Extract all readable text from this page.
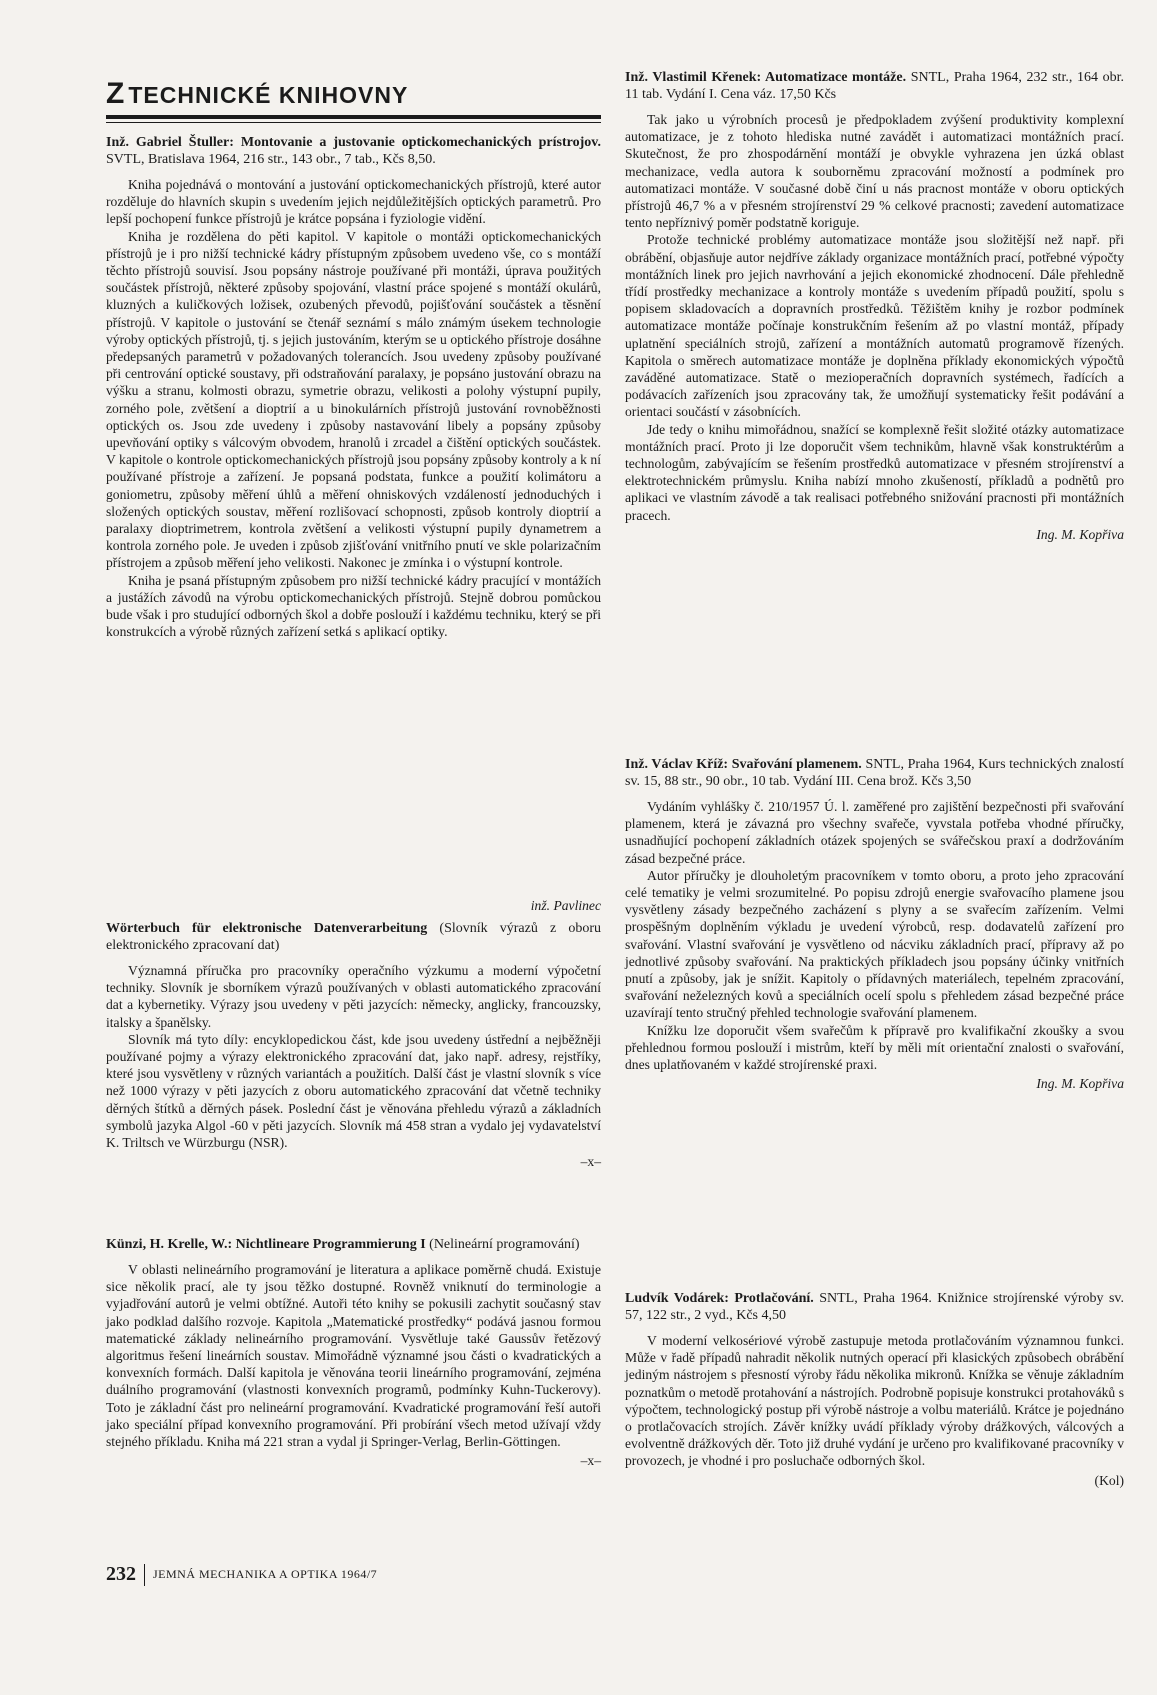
Z TECHNICKÉ KNIHOVNY

Inž. Gabriel Štuller: Montovanie a justovanie optickomechanických prístrojov. SVTL, Bratislava 1964, 216 str., 143 obr., 7 tab., Kčs 8,50.

Kniha pojednává o montování a justování optickomechanických přístrojů, které autor rozděluje do hlavních skupin s uvedením jejich nejdůležitějších optických parametrů. Pro lepší pochopení funkce přístrojů je krátce popsána i fyziologie vidění.

Kniha je rozdělena do pěti kapitol. V kapitole o montáži optickomechanických přístrojů je i pro nižší technické kádry přístupným způsobem uvedeno vše, co s montáží těchto přístrojů souvisí. Jsou popsány nástroje používané při montáži, úprava použitých součástek přístrojů, některé způsoby spojování, vlastní práce spojené s montáží okulárů, kluzných a kuličkových ložisek, ozubených převodů, pojišťování součástek a těsnění přístrojů. V kapitole o justování se čtenář seznámí s málo známým úsekem technologie výroby optických přístrojů, tj. s jejich justováním, kterým se u optického přístroje dosáhne předepsaných parametrů v požadovaných tolerancích. Jsou uvedeny způsoby používané při centrování optické soustavy, při odstraňování paralaxy, je popsáno justování obrazu na výšku a stranu, kolmosti obrazu, symetrie obrazu, velikosti a polohy výstupní pupily, zorného pole, zvětšení a dioptrií a u binokulárních přístrojů justování rovnoběžnosti optických os. Jsou zde uvedeny i způsoby nastavování libely a popsány způsoby upevňování optiky s válcovým obvodem, hranolů i zrcadel a čištění optických součástek. V kapitole o kontrole optickomechanických přístrojů jsou popsány způsoby kontroly a k ní používané přístroje a zařízení. Je popsaná podstata, funkce a použití kolimátoru a goniometru, způsoby měření úhlů a měření ohniskových vzdáleností jednoduchých i složených optických soustav, měření rozlišovací schopnosti, způsob kontroly dioptrií a paralaxy dioptrimetrem, kontrola zvětšení a velikosti výstupní pupily dynametrem a kontrola zorného pole. Je uveden i způsob zjišťování vnitřního pnutí ve skle polarizačním přístrojem a způsob měření jeho velikosti. Nakonec je zmínka i o výstupní kontrole.

Kniha je psaná přístupným způsobem pro nižší technické kádry pracující v montážích a justážích závodů na výrobu optickomechanických přístrojů. Stejně dobrou pomůckou bude však i pro studující odborných škol a dobře poslouží i každému techniku, který se při konstrukcích a výrobě různých zařízení setká s aplikací optiky.

Wörterbuch für elektronische Datenverarbeitung (Slovník výrazů z oboru elektronického zpracovaní dat)

Významná příručka pro pracovníky operačního výzkumu a moderní výpočetní techniky. Slovník je sborníkem výrazů používaných v oblasti automatického zpracování dat a kybernetiky. Výrazy jsou uvedeny v pěti jazycích: německy, anglicky, francouzsky, italsky a španělsky.

Slovník má tyto díly: encyklopedickou část, kde jsou uvedeny ústřední a nejběžněji používané pojmy a výrazy elektronického zpracování dat, jako např. adresy, rejstříky, které jsou vysvětleny v různých variantách a použitích. Další část je vlastní slovník s více než 1000 výrazy v pěti jazycích z oboru automatického zpracování dat včetně techniky děrných štítků a děrných pásek. Poslední část je věnována přehledu výrazů a základních symbolů jazyka Algol -60 v pěti jazycích. Slovník má 458 stran a vydalo jej vydavatelství K. Triltsch ve Würzburgu (NSR).

–x–

Künzi, H. Krelle, W.: Nichtlineare Programmierung I (Nelineární programování)

V oblasti nelineárního programování je literatura a aplikace poměrně chudá. Existuje sice několik prací, ale ty jsou těžko dostupné. Rovněž vniknutí do terminologie a vyjadřování autorů je velmi obtížné. Autoři této knihy se pokusili zachytit současný stav jako podklad dalšího rozvoje. Kapitola „Matematické prostředky“ podává jasnou formou matematické základy nelineárního programování. Vysvětluje také Gaussův řetězový algoritmus řešení lineárních soustav. Mimořádně významné jsou části o kvadratických a konvexních formách. Další kapitola je věnována teorii lineárního programování, zejména duálního programování (vlastnosti konvexních programů, podmínky Kuhn-Tuckerovy). Toto je základní část pro nelineární programování. Kvadratické programování řeší autoři jako speciální případ konvexního programování. Při probírání všech metod užívají vždy stejného příkladu. Kniha má 221 stran a vydal ji Springer-Verlag, Berlin-Göttingen.

–x–

inž. Pavlinec

Inž. Vlastimil Křenek: Automatizace montáže. SNTL, Praha 1964, 232 str., 164 obr. 11 tab. Vydání I. Cena váz. 17,50 Kčs

Tak jako u výrobních procesů je předpokladem zvýšení produktivity komplexní automatizace, je z tohoto hlediska nutné zavádět i automatizaci montážních prací. Skutečnost, že pro zhospodárnění montáží je obvykle vyhrazena jen úzká oblast mechanizace, vedla autora k souborněmu zpracování možností a podmínek pro automatizaci montáže. V současné době činí u nás pracnost montáže v oboru optických přístrojů 46,7 % a v přesném strojírenství 29 % celkové pracnosti; zavedení automatizace tento nepříznivý poměr podstatně koriguje.

Protože technické problémy automatizace montáže jsou složitější než např. při obrábění, objasňuje autor nejdříve základy organizace montážních prací, potřebné výpočty montážních linek pro jejich navrhování a jejich ekonomické zhodnocení. Dále přehledně třídí prostředky mechanizace a kontroly montáže s uvedením případů použití, spolu s popisem skladovacích a dopravních prostředků. Těžištěm knihy je rozbor podmínek automatizace montáže počínaje konstrukčním řešením až po vlastní montáž, případy uplatnění speciálních strojů, zařízení a montážních automatů programově řízených. Kapitola o směrech automatizace montáže je doplněna příklady ekonomických výpočtů zaváděné automatizace. Statě o mezioperačních dopravních systémech, řadících a podávacích zařízeních jsou zpracovány tak, že umožňují systematicky řešit podávání a orientaci součástí v zásobnících.

Jde tedy o knihu mimořádnou, snažící se komplexně řešit složité otázky automatizace montážních prací. Proto ji lze doporučit všem technikům, hlavně však konstruktérům a technologům, zabývajícím se řešením prostředků automatizace v přesném strojírenství a elektrotechnickém průmyslu. Kniha nabízí mnoho zkušeností, příkladů a podnětů pro aplikaci ve vlastním závodě a tak realisaci potřebného snižování pracnosti při montážních pracech.

Ing. M. Kopřiva

Inž. Václav Kříž: Svařování plamenem. SNTL, Praha 1964, Kurs technických znalostí sv. 15, 88 str., 90 obr., 10 tab. Vydání III. Cena brož. Kčs 3,50

Vydáním vyhlášky č. 210/1957 Ú. l. zaměřené pro zajištění bezpečnosti při svařování plamenem, která je závazná pro všechny svařeče, vyvstala potřeba vhodné příručky, usnadňující pochopení základních otázek spojených se svářečskou praxí a dodržováním zásad bezpečné práce.

Autor příručky je dlouholetým pracovníkem v tomto oboru, a proto jeho zpracování celé tematiky je velmi srozumitelné. Po popisu zdrojů energie svařovacího plamene jsou vysvětleny zásady bezpečného zacházení s plyny a se svařecím zařízením. Velmi prospěšným doplněním výkladu je uvedení výrobců, resp. dodavatelů zařízení pro svařování. Vlastní svařování je vysvětleno od nácviku základních prací, přípravy až po jednotlivé způsoby svařování. Na praktických příkladech jsou popsány účinky vnitřních pnutí a způsoby, jak je snížit. Kapitoly o přídavných materiálech, tepelném zpracování, svařování neželezných kovů a speciálních ocelí spolu s přehledem zásad bezpečné práce uzavírají tento stručný přehled technologie svařování plamenem.

Knížku lze doporučit všem svařečům k přípravě pro kvalifikační zkoušky a svou přehlednou formou poslouží i mistrům, kteří by měli mít orientační znalosti o svařování, dnes uplatňovaném v každé strojírenské praxi.

Ing. M. Kopřiva

Ludvík Vodárek: Protlačování. SNTL, Praha 1964. Knižnice strojírenské výroby sv. 57, 122 str., 2 vyd., Kčs 4,50

V moderní velkosériové výrobě zastupuje metoda protlačováním významnou funkci. Může v řadě případů nahradit několik nutných operací při klasických způsobech obrábění jediným nástrojem s přesností výroby řádu několika mikronů. Knížka se věnuje základním poznatkům o metodě protahování a nástrojích. Podrobně popisuje konstrukci protahováků s výpočtem, technologický postup při výrobě nástroje a volbu materiálů. Krátce je pojednáno o protlačovacích strojích. Závěr knížky uvádí příklady výroby drážkových, válcových a evolventně drážkových děr. Toto již druhé vydání je určeno pro kvalifikované pracovníky v provozech, je vhodné i pro posluchače odborných škol.

(Kol)

232 JEMNÁ MECHANIKA A OPTIKA 1964/7
